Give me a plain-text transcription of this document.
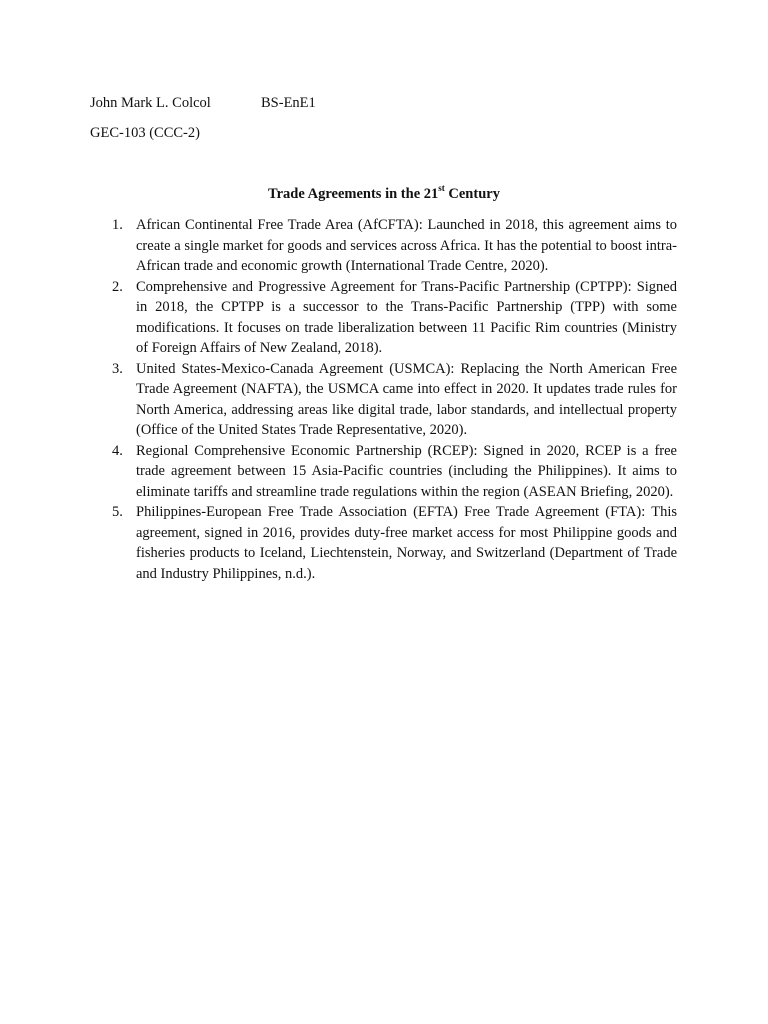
John Mark L. Colcol	BS-EnE1
GEC-103 (CCC-2)
Trade Agreements in the 21st Century
1. African Continental Free Trade Area (AfCFTA): Launched in 2018, this agreement aims to create a single market for goods and services across Africa. It has the potential to boost intra-African trade and economic growth (International Trade Centre, 2020).
2. Comprehensive and Progressive Agreement for Trans-Pacific Partnership (CPTPP): Signed in 2018, the CPTPP is a successor to the Trans-Pacific Partnership (TPP) with some modifications. It focuses on trade liberalization between 11 Pacific Rim countries (Ministry of Foreign Affairs of New Zealand, 2018).
3. United States-Mexico-Canada Agreement (USMCA): Replacing the North American Free Trade Agreement (NAFTA), the USMCA came into effect in 2020. It updates trade rules for North America, addressing areas like digital trade, labor standards, and intellectual property (Office of the United States Trade Representative, 2020).
4. Regional Comprehensive Economic Partnership (RCEP): Signed in 2020, RCEP is a free trade agreement between 15 Asia-Pacific countries (including the Philippines). It aims to eliminate tariffs and streamline trade regulations within the region (ASEAN Briefing, 2020).
5. Philippines-European Free Trade Association (EFTA) Free Trade Agreement (FTA): This agreement, signed in 2016, provides duty-free market access for most Philippine goods and fisheries products to Iceland, Liechtenstein, Norway, and Switzerland (Department of Trade and Industry Philippines, n.d.).
